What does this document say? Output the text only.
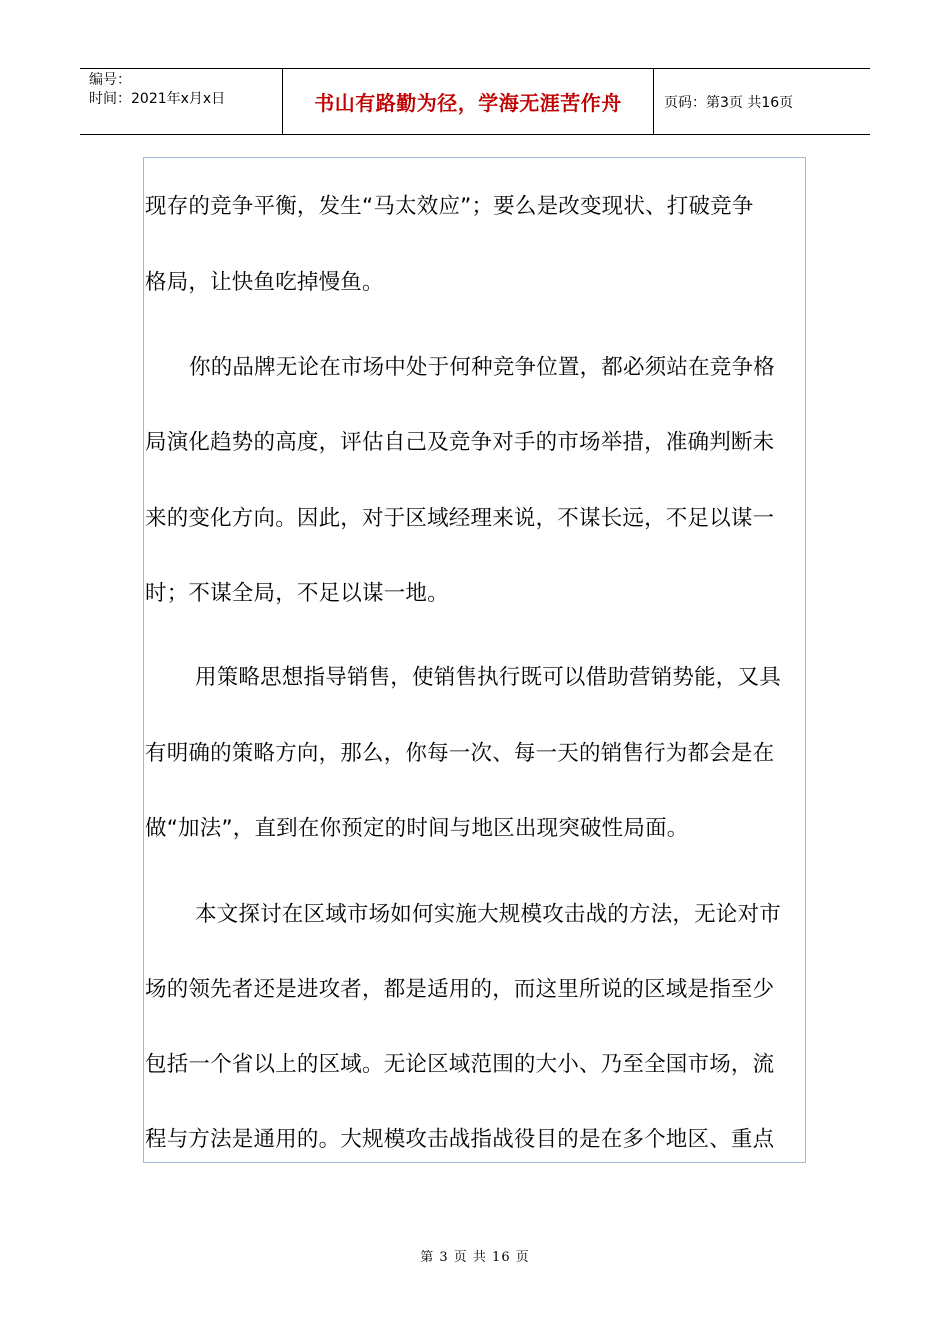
编号：
时间：2021年x月x日	书山有路勤为径，学海无涯苦作舟	页码：第3页 共16页
现存的竞争平衡，发生“马太效应”；要么是改变现状、打破竞争
格局，让快鱼吃掉慢鱼。
你的品牌无论在市场中处于何种竞争位置，都必须站在竞争格
局演化趋势的高度，评估自己及竞争对手的市场举措，准确判断未
来的变化方向。因此，对于区域经理来说，不谋长远，不足以谋一
时；不谋全局，不足以谋一地。
用策略思想指导销售，使销售执行既可以借助营销势能，又具
有明确的策略方向，那么，你每一次、每一天的销售行为都会是在
做“加法”，直到在你预定的时间与地区出现突破性局面。
本文探讨在区域市场如何实施大规模攻击战的方法，无论对市
场的领先者还是进攻者，都是适用的，而这里所说的区域是指至少
包括一个省以上的区域。无论区域范围的大小、乃至全国市场，流
程与方法是通用的。大规模攻击战指战役目的是在多个地区、重点
第 3 页 共 16 页
